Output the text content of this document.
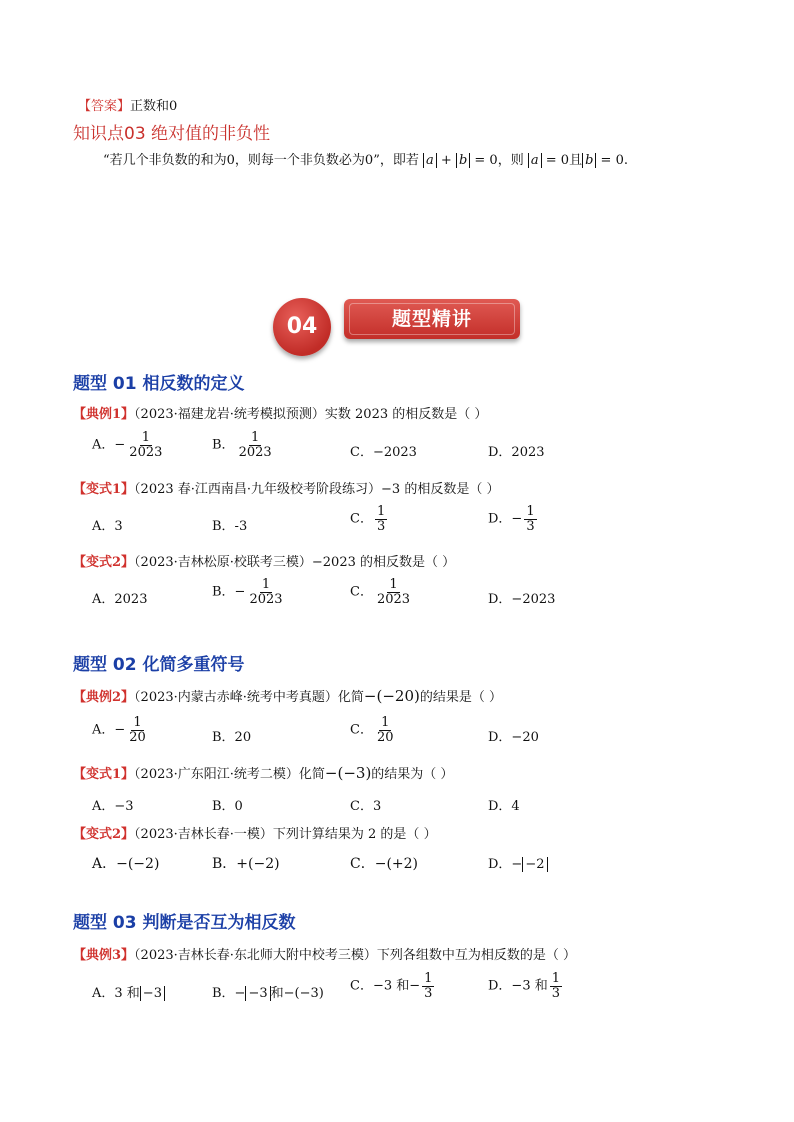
【答案】正数和0
知识点03 绝对值的非负性
“若几个非负数的和为0，则每一个非负数必为0”，即若 a + b = 0，则 a = 0且 b = 0.
04	题型精讲
题型 01 相反数的定义
【典例1】（2023·福建龙岩·统考模拟预测）实数 2023 的相反数是（ ）
A．− $\frac{1}{2023}$	B． $\frac{1}{2023}$	C．−2023	D．2023
【变式1】（2023 春·江西南昌·九年级校考阶段练习）−3 的相反数是（ ）
A．3	B．-3	C． $\frac{1}{3}$	D．− $\frac{1}{3}$
【变式2】（2023·吉林松原·校联考三模）−2023 的相反数是（ ）
A．2023	B．− $\frac{1}{2023}$	C． $\frac{1}{2023}$	D．−2023
题型 02 化简多重符号
【典例2】（2023·内蒙古赤峰·统考中考真题）化简−(−20)的结果是（ ）
A．− $\frac{1}{20}$	B．20	C． $\frac{1}{20}$	D．−20
【变式1】（2023·广东阳江·统考二模）化简−(−3)的结果为（ ）
A．−3	B．0	C．3	D．4
【变式2】（2023·吉林长春·一模）下列计算结果为 2 的是（ ）
A．−(−2)	B．+(−2)	C．−(+2)	D．− −2
题型 03 判断是否互为相反数
【典例3】（2023·吉林长春·东北师大附中校考三模）下列各组数中互为相反数的是（ ）
A．3 和 −3	B．− −3 和−(−3) C．−3 和− $\frac{1}{3}$	D．−3 和 $\frac{1}{3}$
